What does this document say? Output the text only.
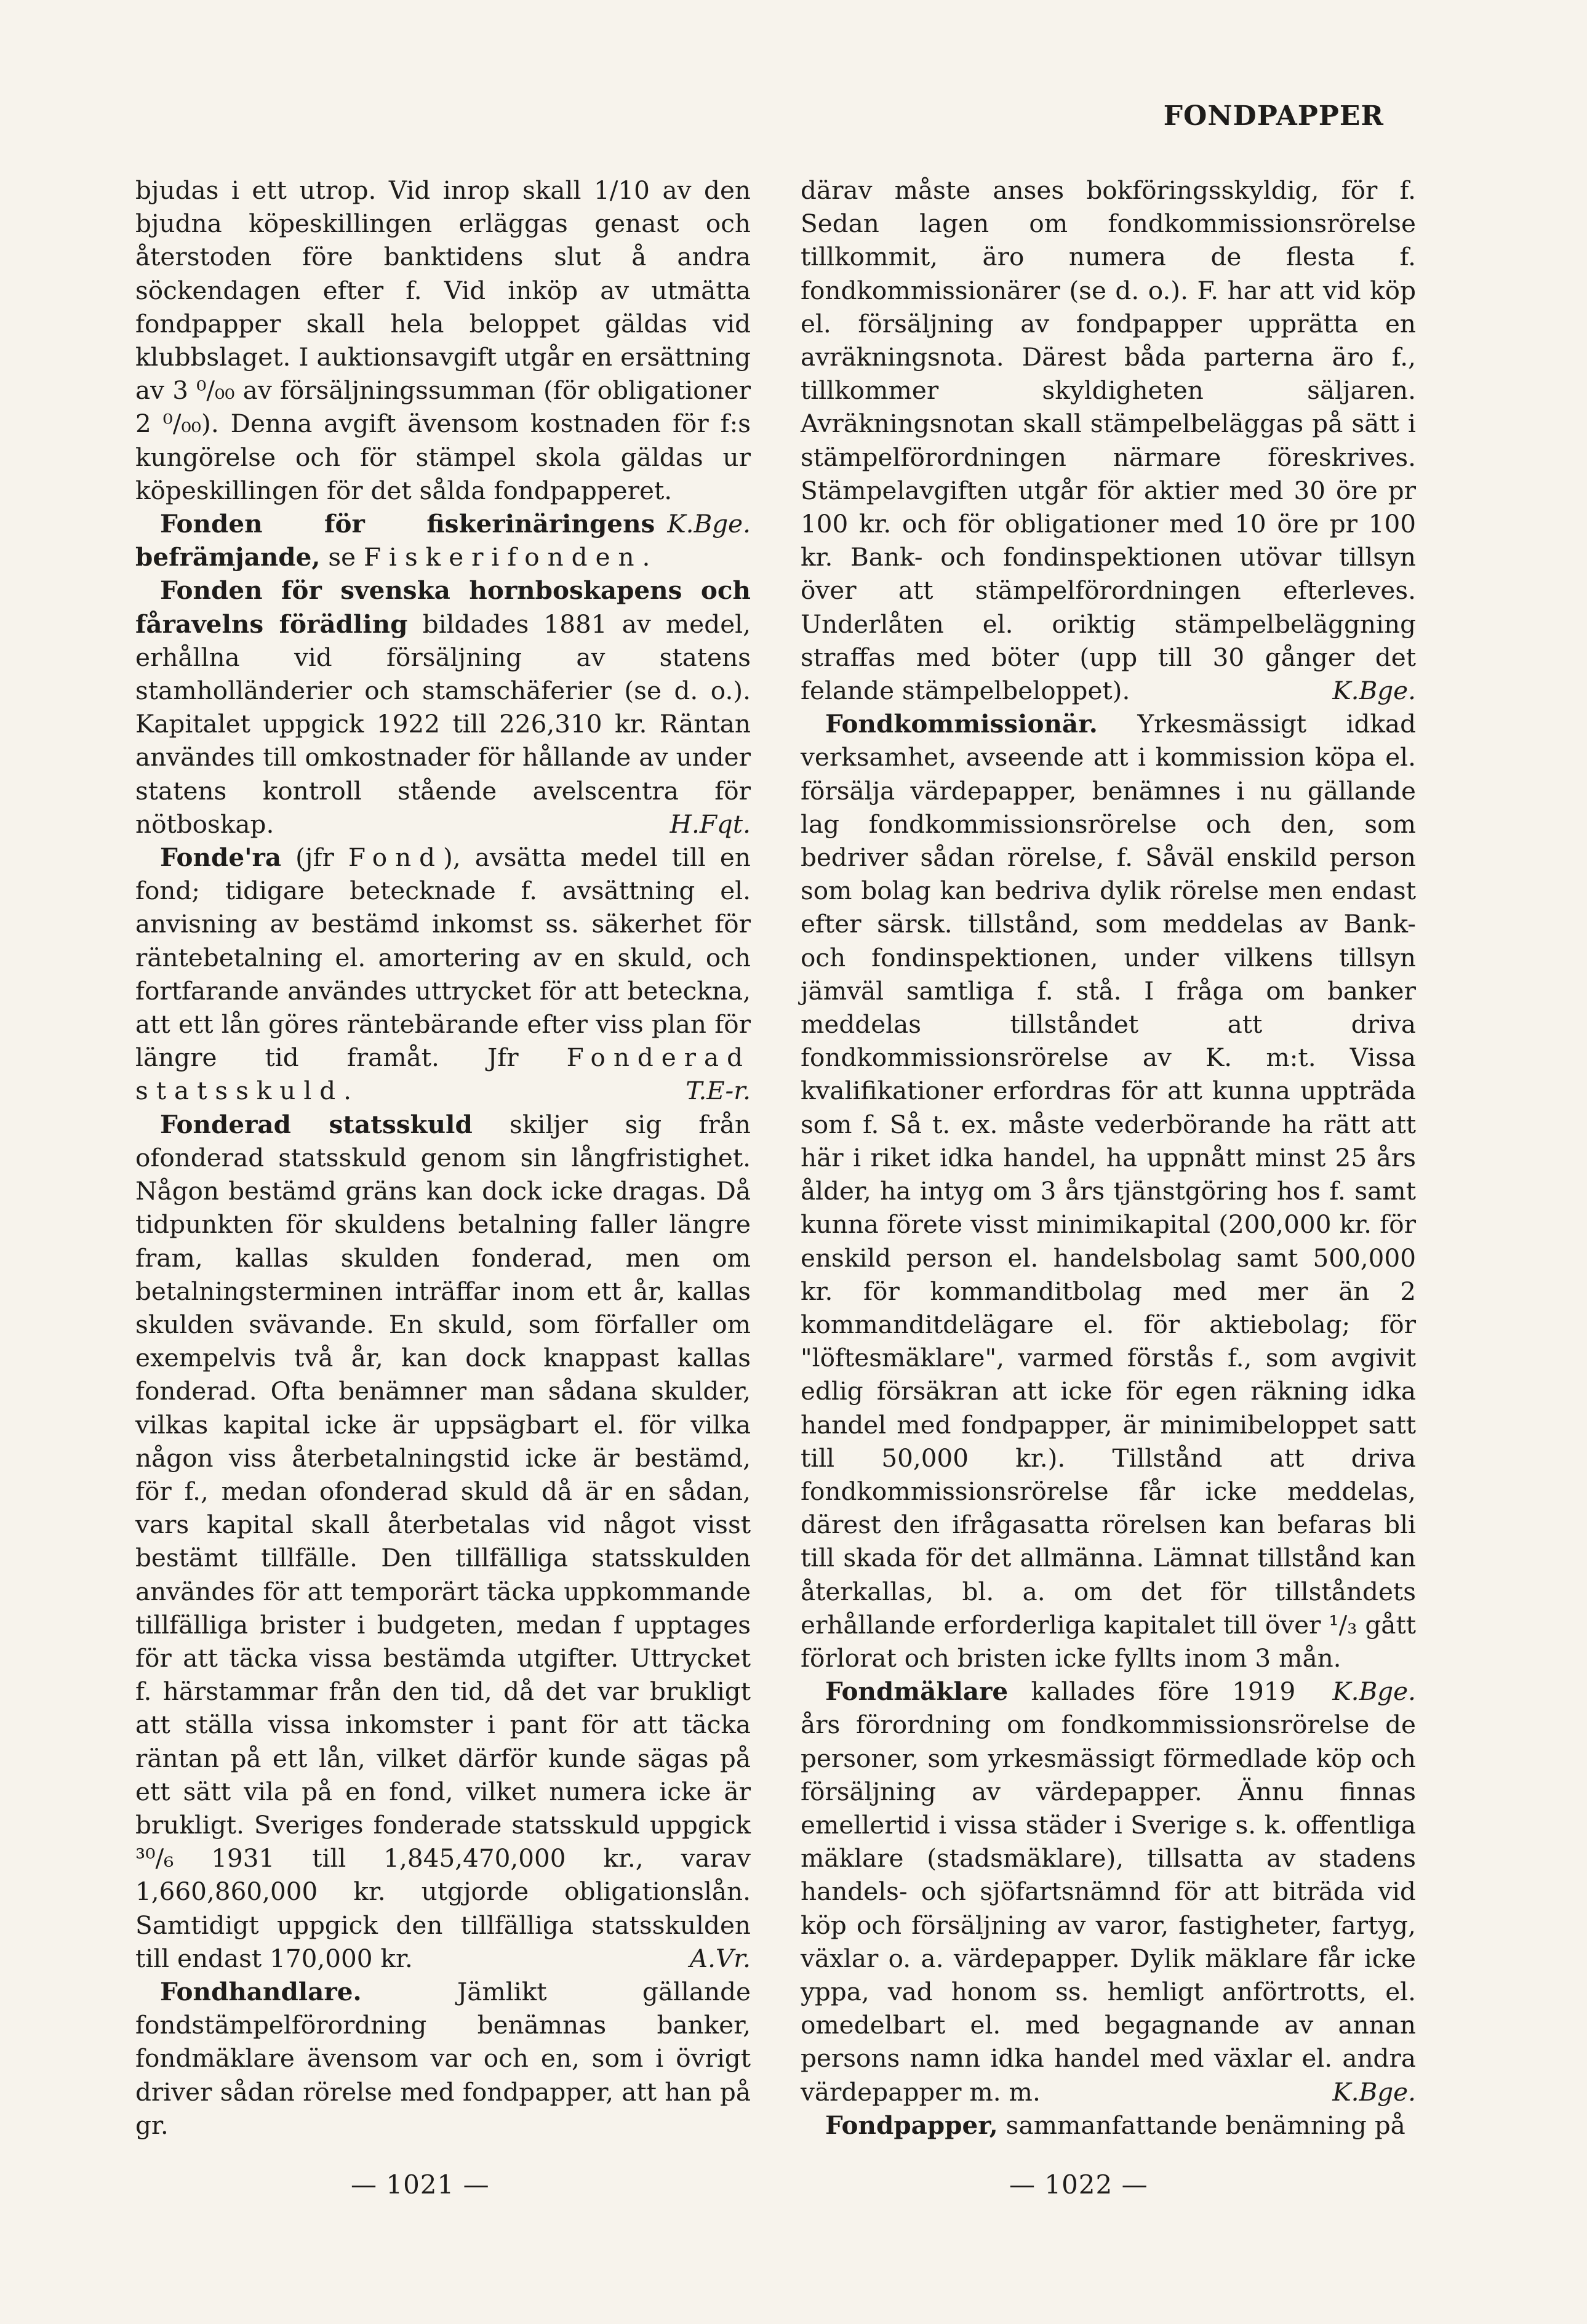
FONDPAPPER

bjudas i ett utrop. Vid inrop skall 1/10 av den bjudna köpeskillingen erläggas genast och återstoden före banktidens slut å andra söckendagen efter f. Vid inköp av utmätta fondpapper skall hela beloppet gäldas vid klubbslaget. I auktionsavgift utgår en ersättning av 3 ⁰/₀₀ av försäljningssumman (för obligationer 2 ⁰/₀₀). Denna avgift ävensom kostnaden för f:s kungörelse och för stämpel skola gäldas ur köpeskillingen för det sålda fondpapperet.
K.Bge.

Fonden för fiskerinäringens befrämjande, se Fiskerifonden.

Fonden för svenska hornboskapens och fåravelns förädling bildades 1881 av medel, erhållna vid försäljning av statens stamholländerier och stamschäferier (se d. o.). Kapitalet uppgick 1922 till 226,310 kr. Räntan användes till omkostnader för hållande av under statens kontroll stående avelscentra för nötboskap.	H.Fqt.

Fonde'ra (jfr Fond), avsätta medel till en fond; tidigare betecknade f. avsättning el. anvisning av bestämd inkomst ss. säkerhet för räntebetalning el. amortering av en skuld, och fortfarande användes uttrycket för att beteckna, att ett lån göres räntebärande efter viss plan för längre tid framåt. Jfr Fonderad statsskuld.	T.E-r.

Fonderad statsskuld skiljer sig från ofonderad statsskuld genom sin långfristighet. Någon bestämd gräns kan dock icke dragas. Då tidpunkten för skuldens betalning faller längre fram, kallas skulden fonderad, men om betalningsterminen inträffar inom ett år, kallas skulden svävande. En skuld, som förfaller om exempelvis två år, kan dock knappast kallas fonderad. Ofta benämner man sådana skulder, vilkas kapital icke är uppsägbart el. för vilka någon viss återbetalningstid icke är bestämd, för f., medan ofonderad skuld då är en sådan, vars kapital skall återbetalas vid något visst bestämt tillfälle. Den tillfälliga statsskulden användes för att temporärt täcka uppkommande tillfälliga brister i budgeten, medan f upptages för att täcka vissa bestämda utgifter. Uttrycket f. härstammar från den tid, då det var brukligt att ställa vissa inkomster i pant för att täcka räntan på ett lån, vilket därför kunde sägas på ett sätt vila på en fond, vilket numera icke är brukligt. Sveriges fonderade statsskuld uppgick ³⁰/₆ 1931 till 1,845,470,000 kr., varav 1,660,860,000 kr. utgjorde obligationslån. Samtidigt uppgick den tillfälliga statsskulden till endast 170,000 kr.	A.Vr.

Fondhandlare. Jämlikt gällande fondstämpelförordning benämnas banker, fondmäklare ävensom var och en, som i övrigt driver sådan rörelse med fondpapper, att han på gr.

därav måste anses bokföringsskyldig, för f. Sedan lagen om fondkommissionsrörelse tillkommit, äro numera de flesta f. fondkommissionärer (se d. o.). F. har att vid köp el. försäljning av fondpapper upprätta en avräkningsnota. Därest båda parterna äro f., tillkommer skyldigheten säljaren. Avräkningsnotan skall stämpelbeläggas på sätt i stämpelförordningen närmare föreskrives. Stämpelavgiften utgår för aktier med 30 öre pr 100 kr. och för obligationer med 10 öre pr 100 kr. Bank- och fondinspektionen utövar tillsyn över att stämpelförordningen efterleves. Underlåten el. oriktig stämpelbeläggning straffas med böter (upp till 30 gånger det felande stämpelbeloppet).	K.Bge.

Fondkommissionär. Yrkesmässigt idkad verksamhet, avseende att i kommission köpa el. försälja värdepapper, benämnes i nu gällande lag fondkommissionsrörelse och den, som bedriver sådan rörelse, f. Såväl enskild person som bolag kan bedriva dylik rörelse men endast efter särsk. tillstånd, som meddelas av Bank- och fondinspektionen, under vilkens tillsyn jämväl samtliga f. stå. I fråga om banker meddelas tillståndet att driva fondkommissionsrörelse av K. m:t. Vissa kvalifikationer erfordras för att kunna uppträda som f. Så t. ex. måste vederbörande ha rätt att här i riket idka handel, ha uppnått minst 25 års ålder, ha intyg om 3 års tjänstgöring hos f. samt kunna förete visst minimikapital (200,000 kr. för enskild person el. handelsbolag samt 500,000 kr. för kommanditbolag med mer än 2 kommanditdelägare el. för aktiebolag; för "löftesmäklare", varmed förstås f., som avgivit edlig försäkran att icke för egen räkning idka handel med fondpapper, är minimibeloppet satt till 50,000 kr.). Tillstånd att driva fondkommissionsrörelse får icke meddelas, därest den ifrågasatta rörelsen kan befaras bli till skada för det allmänna. Lämnat tillstånd kan återkallas, bl. a. om det för tillståndets erhållande erforderliga kapitalet till över ¹/₃ gått förlorat och bristen icke fyllts inom 3 mån.
K.Bge.

Fondmäklare kallades före 1919 års förordning om fondkommissionsrörelse de personer, som yrkesmässigt förmedlade köp och försäljning av värdepapper. Ännu finnas emellertid i vissa städer i Sverige s. k. offentliga mäklare (stadsmäklare), tillsatta av stadens handels- och sjöfartsnämnd för att biträda vid köp och försäljning av varor, fastigheter, fartyg, växlar o. a. värdepapper. Dylik mäklare får icke yppa, vad honom ss. hemligt anförtrotts, el. omedelbart el. med begagnande av annan persons namn idka handel med växlar el. andra värdepapper m. m.	K.Bge.

Fondpapper, sammanfattande benämning på

— 1021 —	— 1022 —
